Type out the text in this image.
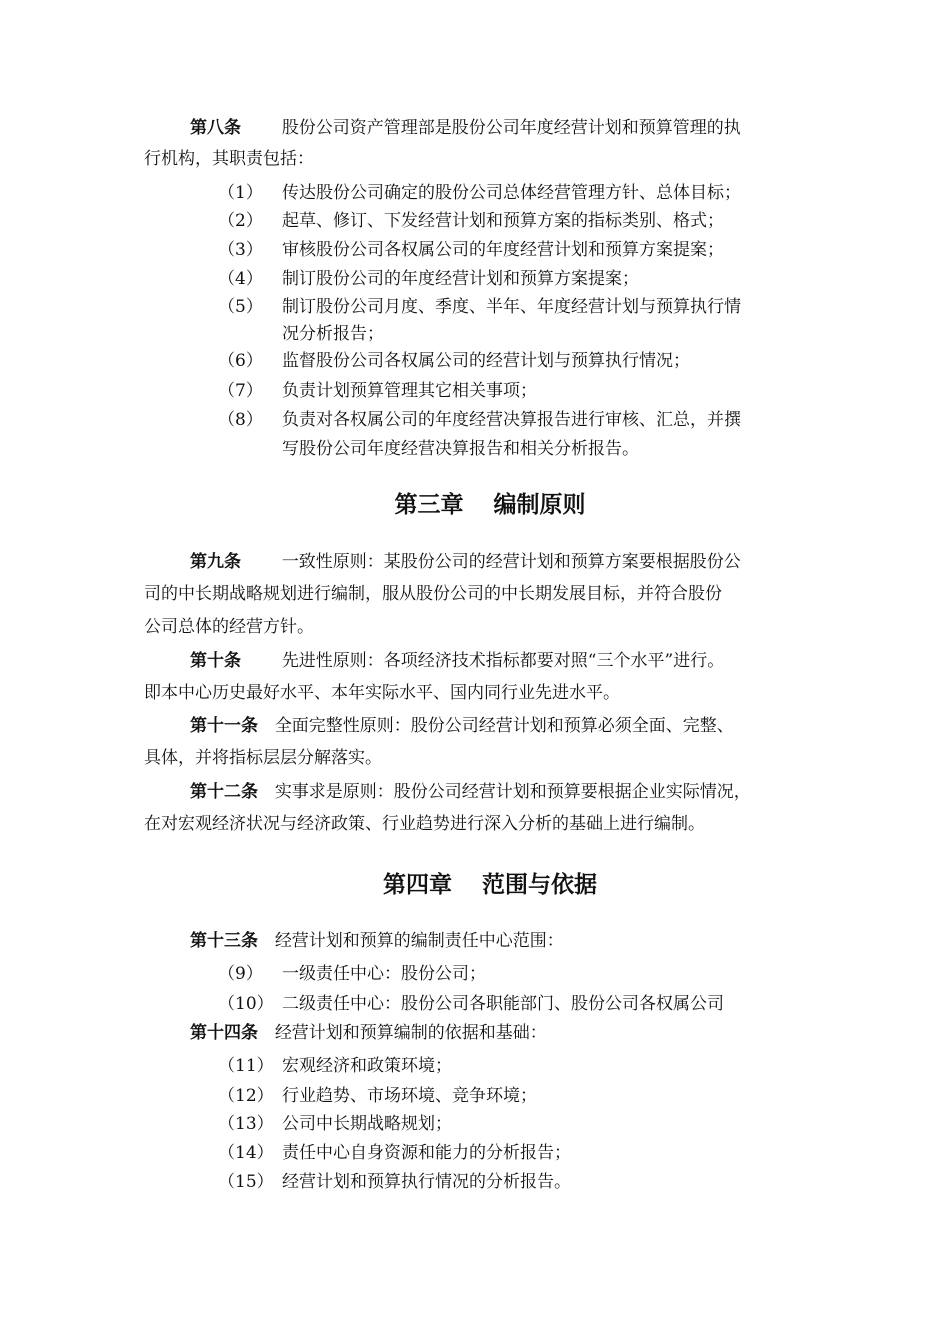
第八条 股份公司资产管理部是股份公司年度经营计划和预算管理的执
行机构，其职责包括：
（1） 传达股份公司确定的股份公司总体经营管理方针、总体目标；
（2） 起草、修订、下发经营计划和预算方案的指标类别、格式；
（3） 审核股份公司各权属公司的年度经营计划和预算方案提案；
（4） 制订股份公司的年度经营计划和预算方案提案；
（5） 制订股份公司月度、季度、半年、年度经营计划与预算执行情
况分析报告；
（6） 监督股份公司各权属公司的经营计划与预算执行情况；
（7） 负责计划预算管理其它相关事项；
（8） 负责对各权属公司的年度经营决算报告进行审核、汇总，并撰
写股份公司年度经营决算报告和相关分析报告。
第三章 编制原则
第九条 一致性原则：某股份公司的经营计划和预算方案要根据股份公
司的中长期战略规划进行编制，服从股份公司的中长期发展目标，并符合股份
公司总体的经营方针。
第十条 先进性原则：各项经济技术指标都要对照“三个水平”进行。
即本中心历史最好水平、本年实际水平、国内同行业先进水平。
第十一条 全面完整性原则：股份公司经营计划和预算必须全面、完整、
具体，并将指标层层分解落实。
第十二条 实事求是原则：股份公司经营计划和预算要根据企业实际情况，
在对宏观经济状况与经济政策、行业趋势进行深入分析的基础上进行编制。
第四章 范围与依据
第十三条 经营计划和预算的编制责任中心范围：
（9） 一级责任中心：股份公司；
（10） 二级责任中心：股份公司各职能部门、股份公司各权属公司
第十四条 经营计划和预算编制的依据和基础：
（11） 宏观经济和政策环境；
（12） 行业趋势、市场环境、竞争环境；
（13） 公司中长期战略规划；
（14） 责任中心自身资源和能力的分析报告；
（15） 经营计划和预算执行情况的分析报告。
